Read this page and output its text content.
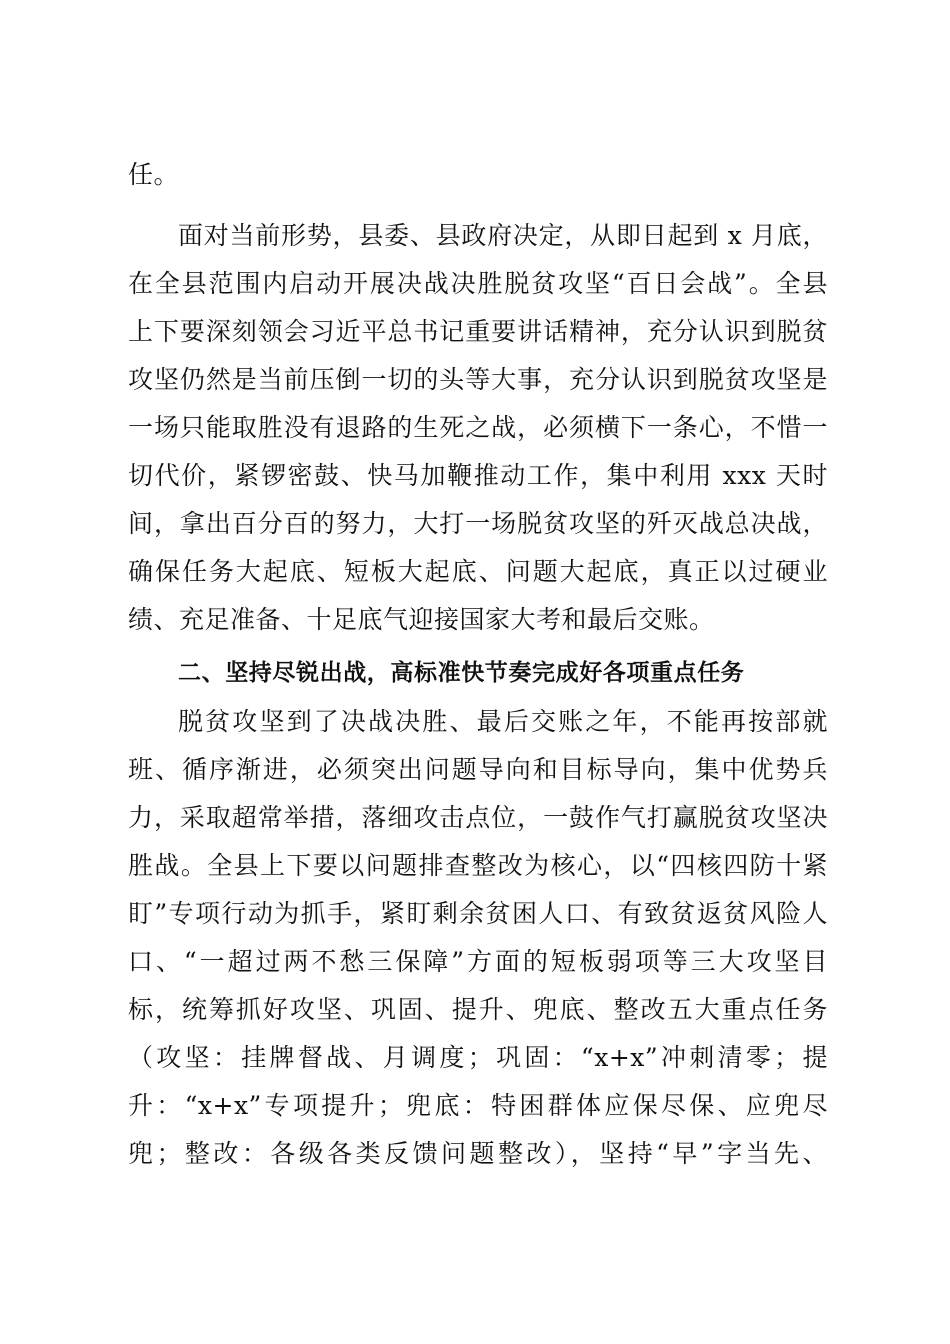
任。
面对当前形势，县委、县政府决定，从即日起到 x 月底，
在全县范围内启动开展决战决胜脱贫攻坚“百日会战”。全县
上下要深刻领会习近平总书记重要讲话精神，充分认识到脱贫
攻坚仍然是当前压倒一切的头等大事，充分认识到脱贫攻坚是
一场只能取胜没有退路的生死之战，必须横下一条心，不惜一
切代价，紧锣密鼓、快马加鞭推动工作，集中利用 xxx 天时
间，拿出百分百的努力，大打一场脱贫攻坚的歼灭战总决战，
确保任务大起底、短板大起底、问题大起底，真正以过硬业
绩、充足准备、十足底气迎接国家大考和最后交账。
二、坚持尽锐出战，高标准快节奏完成好各项重点任务
脱贫攻坚到了决战决胜、最后交账之年，不能再按部就
班、循序渐进，必须突出问题导向和目标导向，集中优势兵
力，采取超常举措，落细攻击点位，一鼓作气打赢脱贫攻坚决
胜战。全县上下要以问题排查整改为核心，以“四核四防十紧
盯”专项行动为抓手，紧盯剩余贫困人口、有致贫返贫风险人
口、“一超过两不愁三保障”方面的短板弱项等三大攻坚目
标，统筹抓好攻坚、巩固、提升、兜底、整改五大重点任务
（攻坚：挂牌督战、月调度；巩固：“x+x”冲刺清零；提
升：“x+x”专项提升；兜底：特困群体应保尽保、应兜尽
兜；整改：各级各类反馈问题整改），坚持“早”字当先、
